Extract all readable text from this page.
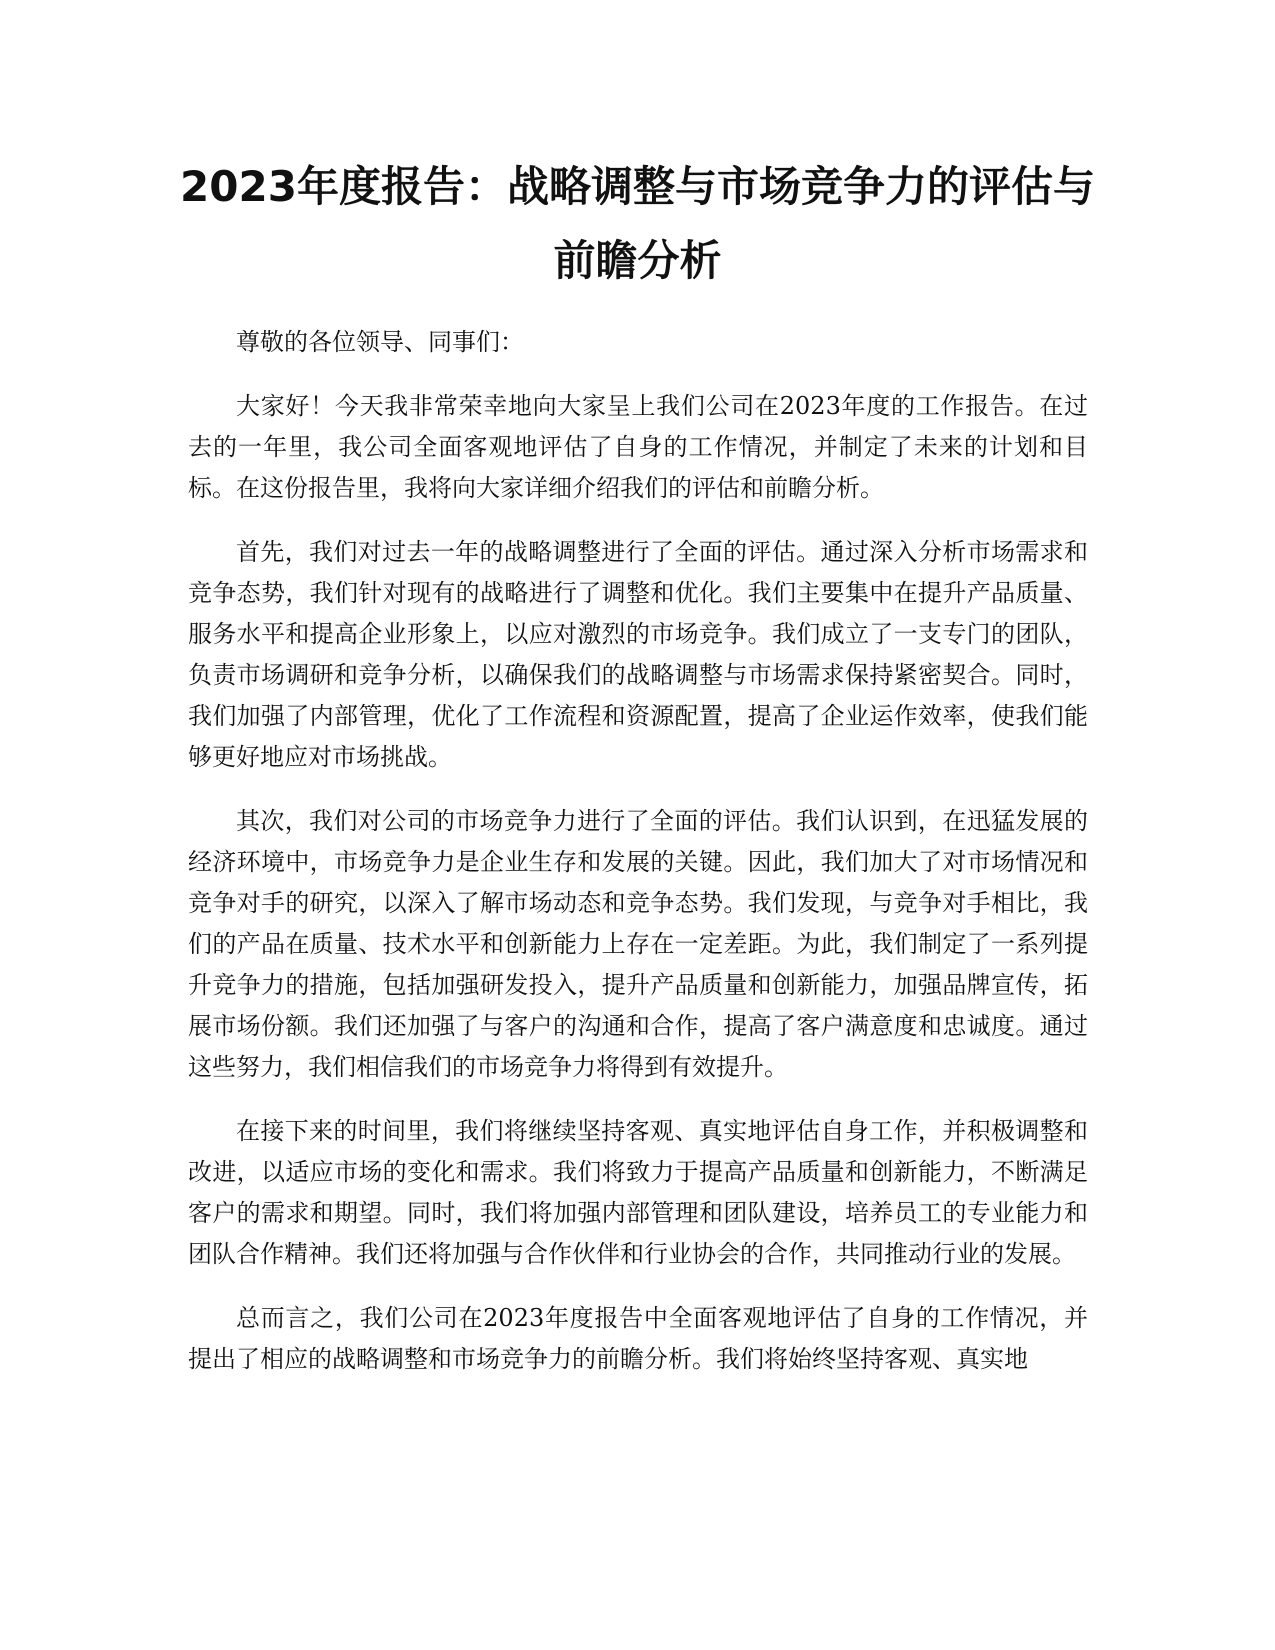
2023年度报告：战略调整与市场竞争力的评估与前瞻分析

尊敬的各位领导、同事们：

大家好！今天我非常荣幸地向大家呈上我们公司在2023年度的工作报告。在过去的一年里，我公司全面客观地评估了自身的工作情况，并制定了未来的计划和目标。在这份报告里，我将向大家详细介绍我们的评估和前瞻分析。

首先，我们对过去一年的战略调整进行了全面的评估。通过深入分析市场需求和竞争态势，我们针对现有的战略进行了调整和优化。我们主要集中在提升产品质量、服务水平和提高企业形象上，以应对激烈的市场竞争。我们成立了一支专门的团队，负责市场调研和竞争分析，以确保我们的战略调整与市场需求保持紧密契合。同时，我们加强了内部管理，优化了工作流程和资源配置，提高了企业运作效率，使我们能够更好地应对市场挑战。

其次，我们对公司的市场竞争力进行了全面的评估。我们认识到，在迅猛发展的经济环境中，市场竞争力是企业生存和发展的关键。因此，我们加大了对市场情况和竞争对手的研究，以深入了解市场动态和竞争态势。我们发现，与竞争对手相比，我们的产品在质量、技术水平和创新能力上存在一定差距。为此，我们制定了一系列提升竞争力的措施，包括加强研发投入，提升产品质量和创新能力，加强品牌宣传，拓展市场份额。我们还加强了与客户的沟通和合作，提高了客户满意度和忠诚度。通过这些努力，我们相信我们的市场竞争力将得到有效提升。

在接下来的时间里，我们将继续坚持客观、真实地评估自身工作，并积极调整和改进，以适应市场的变化和需求。我们将致力于提高产品质量和创新能力，不断满足客户的需求和期望。同时，我们将加强内部管理和团队建设，培养员工的专业能力和团队合作精神。我们还将加强与合作伙伴和行业协会的合作，共同推动行业的发展。

总而言之，我们公司在2023年度报告中全面客观地评估了自身的工作情况，并提出了相应的战略调整和市场竞争力的前瞻分析。我们将始终坚持客观、真实地
